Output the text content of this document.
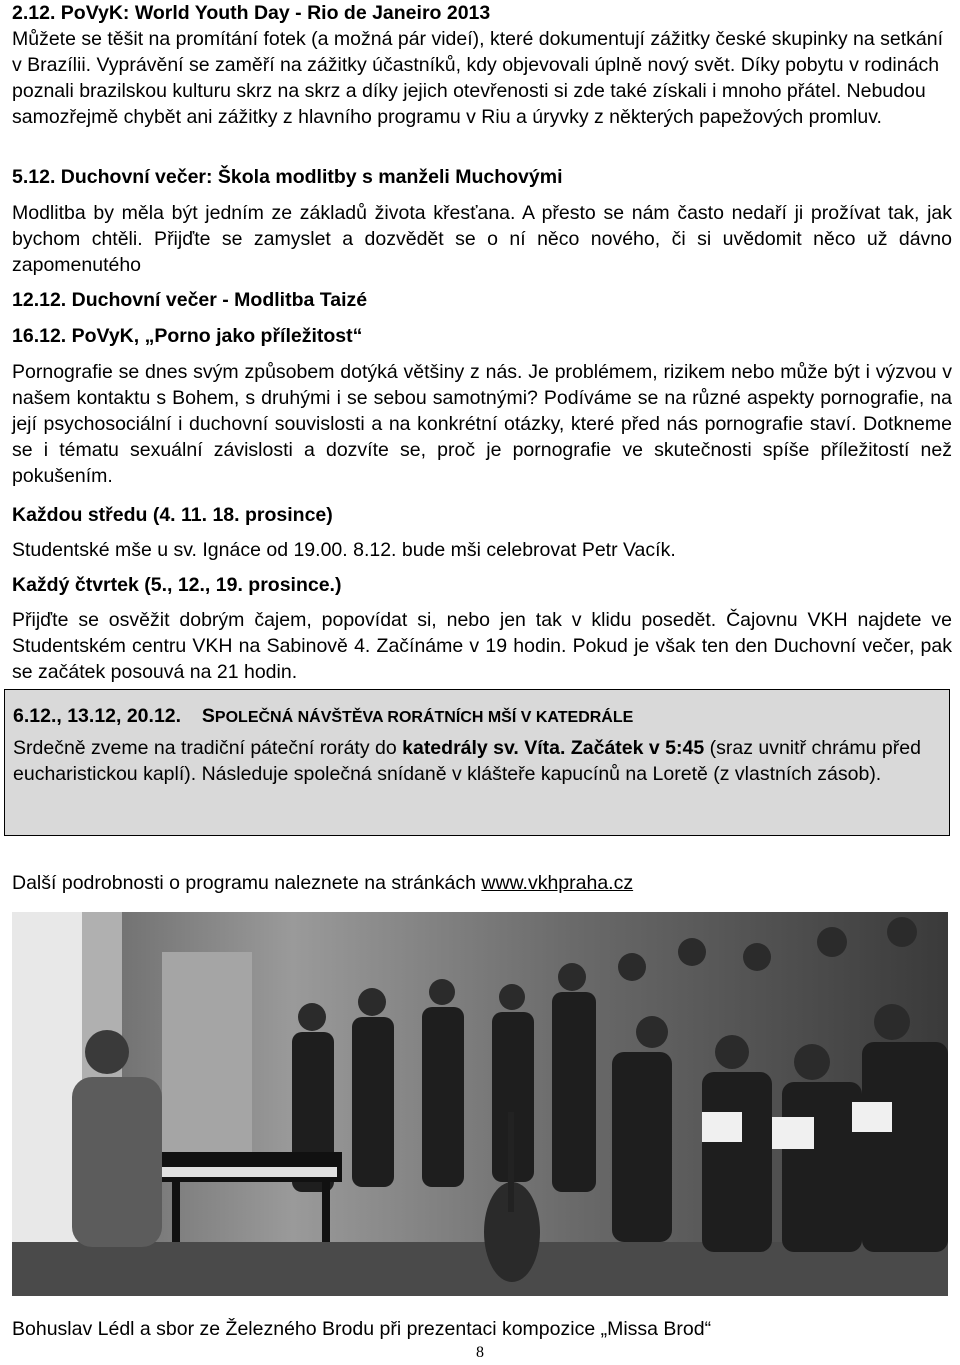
2.12. PoVyK: World Youth Day - Rio de Janeiro 2013

Můžete se těšit na promítání fotek (a možná pár videí), které dokumentují zážitky české skupinky na setkání v Brazílii. Vyprávění se zaměří na zážitky účastníků, kdy objevovali úplně nový svět. Díky pobytu v rodinách poznali brazilskou kulturu skrz na skrz a díky jejich otevřenosti si zde také získali i mnoho přátel. Nebudou samozřejmě chybět ani zážitky z hlavního programu v Riu a úryvky z některých papežových promluv.

5.12. Duchovní večer: Škola modlitby s manželi Muchovými

Modlitba by měla být jedním ze základů života křesťana. A přesto se nám často nedaří ji prožívat tak, jak bychom chtěli. Přijďte se zamyslet a dozvědět se o ní něco nového, či si uvědomit něco už dávno zapomenutého

12.12. Duchovní večer - Modlitba Taizé

16.12. PoVyK, „Porno jako příležitost“

Pornografie se dnes svým způsobem dotýká většiny z nás. Je problémem, rizikem nebo může být i výzvou v našem kontaktu s Bohem, s druhými i se sebou samotnými? Podíváme se na různé aspekty pornografie, na její psychosociální i duchovní souvislosti a na konkrétní otázky, které před nás pornografie staví. Dotkneme se i tématu sexuální závislosti a dozvíte se, proč je pornografie ve skutečnosti spíše příležitostí než pokušením.

Každou středu (4. 11. 18. prosince)

Studentské mše u sv. Ignáce od 19.00. 8.12. bude mši celebrovat Petr Vacík.

Každý čtvrtek (5., 12., 19. prosince.)

Přijďte se osvěžit dobrým čajem, popovídat si, nebo jen tak v klidu posedět. Čajovnu VKH najdete ve Studentském centru VKH na Sabinově 4. Začínáme v 19 hodin. Pokud je však ten den Duchovní večer, pak se začátek posouvá na 21 hodin.

6.12., 13.12, 20.12. SPOLEČNÁ NÁVŠTĚVA RORÁTNÍCH MŠÍ V KATEDRÁLE
Srdečně zveme na tradiční páteční roráty do katedrály sv. Víta. Začátek v 5:45 (sraz uvnitř chrámu před eucharistickou kaplí). Následuje společná snídaně v klášteře kapucínů na Loretě (z vlastních zásob).

Další podrobnosti o programu naleznete na stránkách www.vkhpraha.cz

Bohuslav Lédl a sbor ze Železného Brodu při prezentaci kompozice „Missa Brod“
8
